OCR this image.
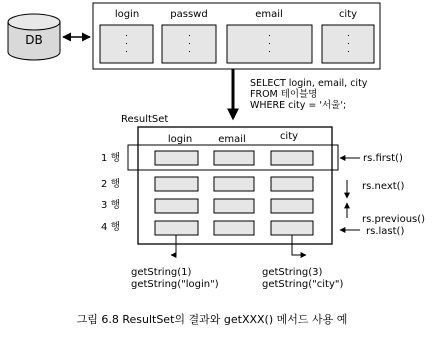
DB
login	passwd	email	city
SELECT login, email, city
FROM 테이블명
WHERE city = '서울';
ResultSet
login	email	city
1 행
2 행
3 행
4 행
rs.first()
rs.next()
rs.previous()
rs.last()
getString(1)
getString("login")
getString(3)
getString("city")
그림 6.8 ResultSet의 결과와 getXXX() 메서드 사용 예
